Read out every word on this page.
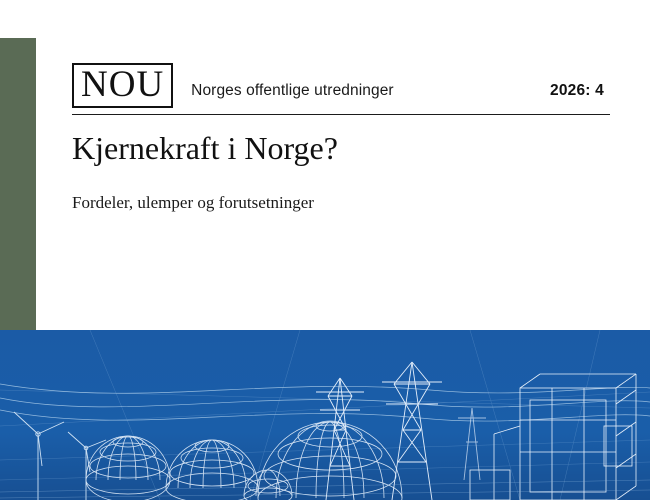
NOU	Norges offentlige utredninger	2026: 4
Kjernekraft i Norge?

Fordeler, ulemper og forutsetninger
